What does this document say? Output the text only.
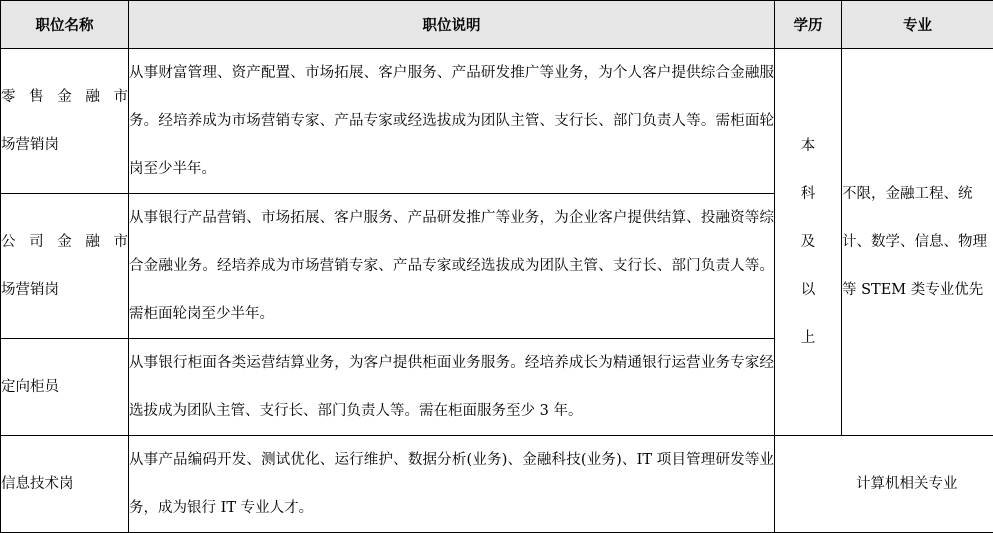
职位名称	职位说明	学历	专业

零售金融市
场营销岗	从事财富管理、资产配置、市场拓展、客户服务、产品研发推广等业务，为个人客户提供综合金融服务。经培养成为市场营销专家、产品专家或经选拔成为团队主管、支行长、部门负责人等。需柜面轮岗至少半年。	本
科
及
以
上	不限，金融工程、统计、数学、信息、物理等 STEM 类专业优先

公司金融市
场营销岗	从事银行产品营销、市场拓展、客户服务、产品研发推广等业务，为企业客户提供结算、投融资等综合金融业务。经培养成为市场营销专家、产品专家或经选拔成为团队主管、支行长、部门负责人等。需柜面轮岗至少半年。		

定向柜员	从事银行柜面各类运营结算业务，为客户提供柜面业务服务。经培养成长为精通银行运营业务专家经选拔成为团队主管、支行长、部门负责人等。需在柜面服务至少 3 年。		

信息技术岗	从事产品编码开发、测试优化、运行维护、数据分析(业务)、金融科技(业务)、IT 项目管理研发等业务，成为银行 IT 专业人才。	计算机相关专业	
